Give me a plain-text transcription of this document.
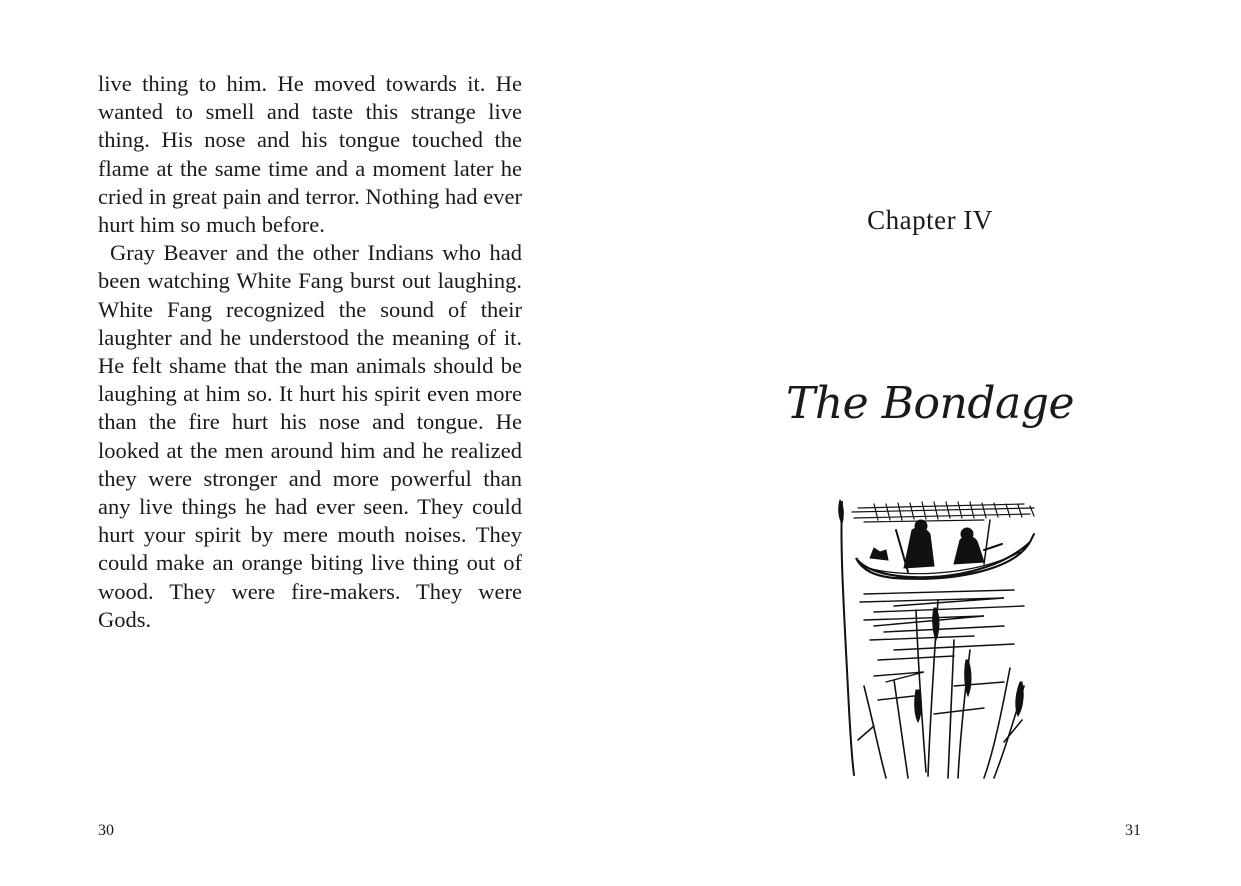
live thing to him. He moved towards it. He wanted to smell and taste this strange live thing. His nose and his tongue touched the flame at the same time and a moment later he cried in great pain and terror. Nothing had ever hurt him so much before.

Gray Beaver and the other Indians who had been watching White Fang burst out laughing. White Fang recognized the sound of their laughter and he understood the meaning of it. He felt shame that the man animals should be laughing at him so. It hurt his spirit even more than the fire hurt his nose and tongue. He looked at the men around him and he realized they were stronger and more powerful than any live things he had ever seen. They could hurt your spirit by mere mouth noises. They could make an orange biting live thing out of wood. They were fire-makers. They were Gods.

30
Chapter IV
The Bondage
31
